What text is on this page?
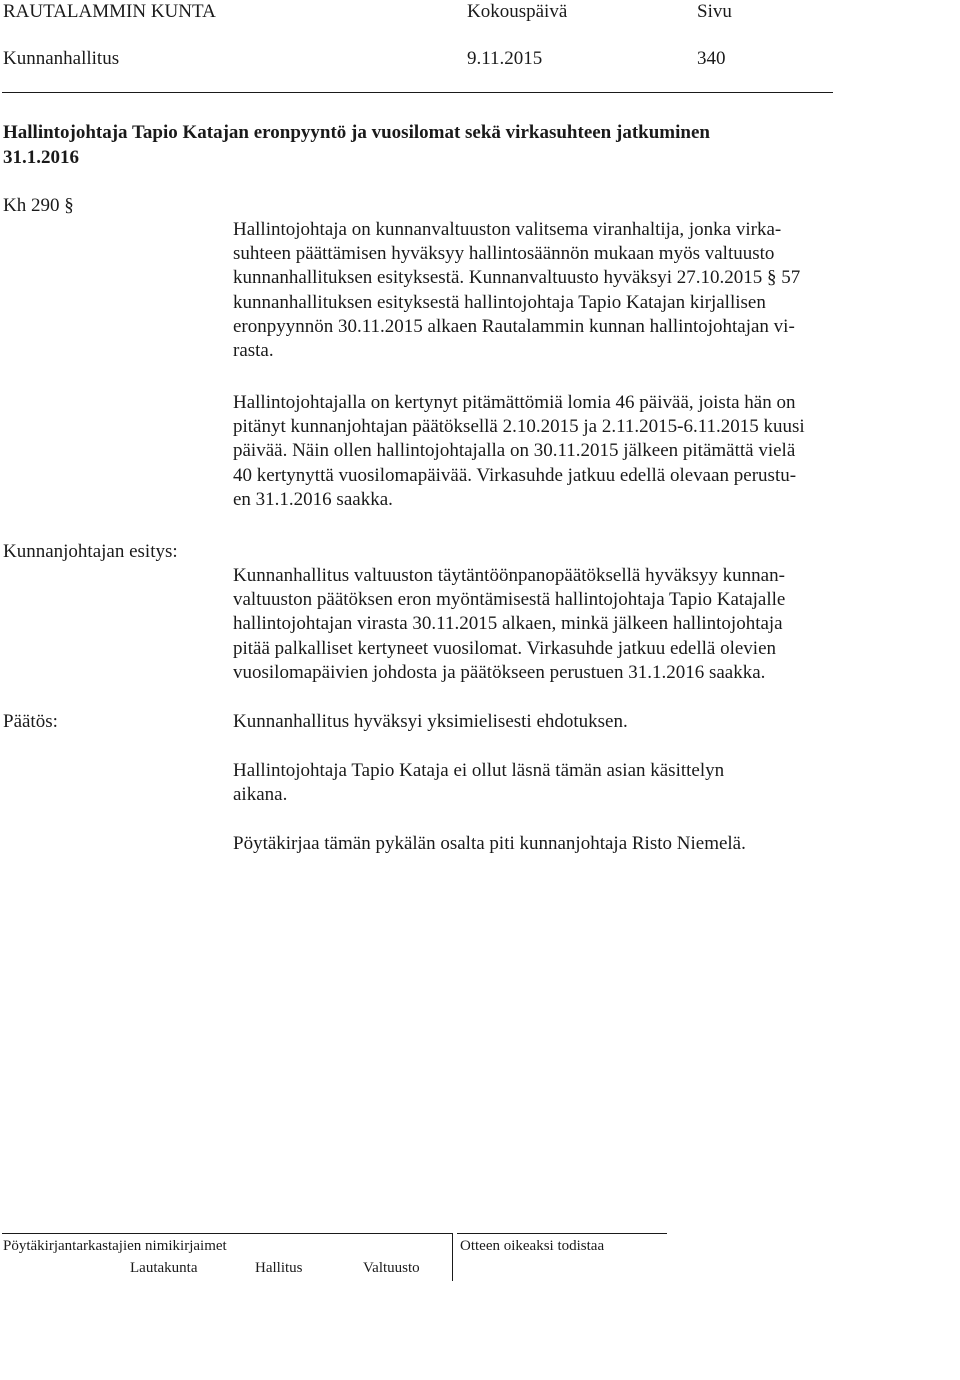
RAUTALAMMIN KUNTA	Kokouspäivä	Sivu
Kunnanhallitus	9.11.2015	340
Hallintojohtaja Tapio Katajan eronpyyntö ja vuosilomat sekä virkasuhteen jatkuminen
31.1.2016
Kh 290 §
Hallintojohtaja on kunnanvaltuuston valitsema viranhaltija, jonka virka-
suhteen päättämisen hyväksyy hallintosäännön mukaan myös valtuusto
kunnanhallituksen esityksestä. Kunnanvaltuusto hyväksyi 27.10.2015 § 57
kunnanhallituksen esityksestä hallintojohtaja Tapio Katajan kirjallisen
eronpyynnön 30.11.2015 alkaen Rautalammin kunnan hallintojohtajan vi-
rasta.
Hallintojohtajalla on kertynyt pitämättömiä lomia 46 päivää, joista hän on
pitänyt kunnanjohtajan päätöksellä 2.10.2015 ja 2.11.2015-6.11.2015 kuusi
päivää. Näin ollen hallintojohtajalla on 30.11.2015 jälkeen pitämättä vielä
40 kertynyttä vuosilomapäivää. Virkasuhde jatkuu edellä olevaan perustu-
en 31.1.2016 saakka.
Kunnanjohtajan esitys:
Kunnanhallitus valtuuston täytäntöönpanopäätöksellä hyväksyy kunnan-
valtuuston päätöksen eron myöntämisestä hallintojohtaja Tapio Katajalle
hallintojohtajan virasta 30.11.2015 alkaen, minkä jälkeen hallintojohtaja
pitää palkalliset kertyneet vuosilomat. Virkasuhde jatkuu edellä olevien
vuosilomapäivien johdosta ja päätökseen perustuen 31.1.2016 saakka.
Päätös:	Kunnanhallitus hyväksyi yksimielisesti ehdotuksen.
Hallintojohtaja Tapio Kataja ei ollut läsnä tämän asian käsittelyn
aikana.
Pöytäkirjaa tämän pykälän osalta piti kunnanjohtaja Risto Niemelä.
Pöytäkirjantarkastajien nimikirjaimet	Otteen oikeaksi todistaa
Lautakunta	Hallitus	Valtuusto
